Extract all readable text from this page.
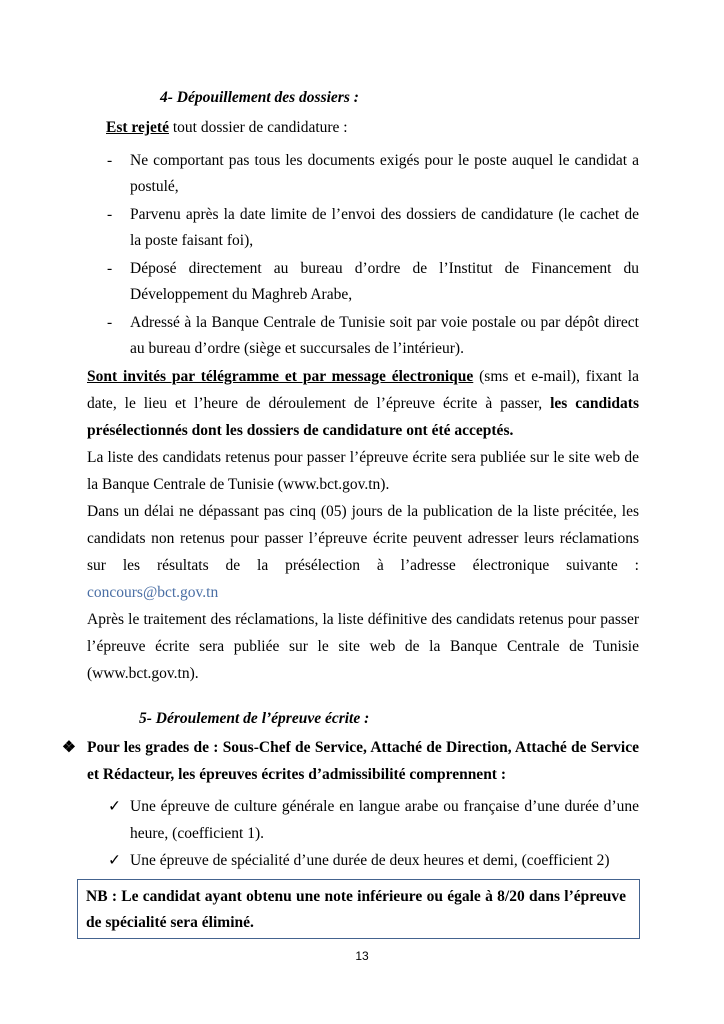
4- Dépouillement des dossiers :
Est rejeté tout dossier de candidature :
- Ne comportant pas tous les documents exigés pour le poste auquel le candidat a
postulé,
- Parvenu après la date limite de l’envoi des dossiers de candidature (le cachet de
la poste faisant foi),
- Déposé directement au bureau d’ordre de l’Institut de Financement du
Développement du Maghreb Arabe,
- Adressé à la Banque Centrale de Tunisie soit par voie postale ou par dépôt direct
au bureau d’ordre (siège et succursales de l’intérieur).
Sont invités par télégramme et par message électronique (sms et e-mail), fixant la
date, le lieu et l’heure de déroulement de l’épreuve écrite à passer, les candidats
présélectionnés dont les dossiers de candidature ont été acceptés.
La liste des candidats retenus pour passer l’épreuve écrite sera publiée sur le site web de
la Banque Centrale de Tunisie (www.bct.gov.tn).
Dans un délai ne dépassant pas cinq (05) jours de la publication de la liste précitée, les
candidats non retenus pour passer l’épreuve écrite peuvent adresser leurs réclamations
sur les résultats de la présélection à l’adresse électronique suivante :
concours@bct.gov.tn
Après le traitement des réclamations, la liste définitive des candidats retenus pour passer
l’épreuve écrite sera publiée sur le site web de la Banque Centrale de Tunisie
(www.bct.gov.tn).
5- Déroulement de l’épreuve écrite :
❖ Pour les grades de : Sous-Chef de Service, Attaché de Direction, Attaché de Service
et Rédacteur, les épreuves écrites d’admissibilité comprennent :
✓ Une épreuve de culture générale en langue arabe ou française d’une durée d’une
heure, (coefficient 1).
✓ Une épreuve de spécialité d’une durée de deux heures et demi, (coefficient 2)
NB : Le candidat ayant obtenu une note inférieure ou égale à 8/20 dans l’épreuve
de spécialité sera éliminé.
13
